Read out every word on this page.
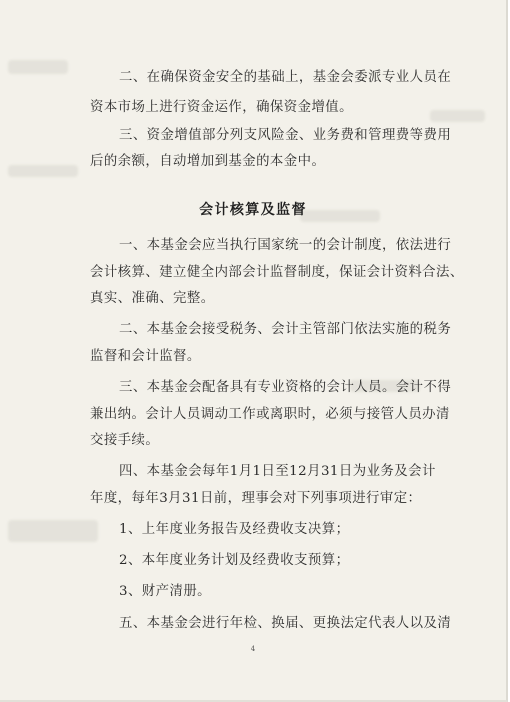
二、在确保资金安全的基础上，基金会委派专业人员在
资本市场上进行资金运作，确保资金增值。
三、资金增值部分列支风险金、业务费和管理费等费用
后的余额，自动增加到基金的本金中。
会计核算及监督
一、本基金会应当执行国家统一的会计制度，依法进行
会计核算、建立健全内部会计监督制度，保证会计资料合法、
真实、准确、完整。
二、本基金会接受税务、会计主管部门依法实施的税务
监督和会计监督。
三、本基金会配备具有专业资格的会计人员。会计不得
兼出纳。会计人员调动工作或离职时，必须与接管人员办清
交接手续。
四、本基金会每年1月1日至12月31日为业务及会计
年度，每年3月31日前，理事会对下列事项进行审定：
1、上年度业务报告及经费收支决算；
2、本年度业务计划及经费收支预算；
3、财产清册。
五、本基金会进行年检、换届、更换法定代表人以及清
4
